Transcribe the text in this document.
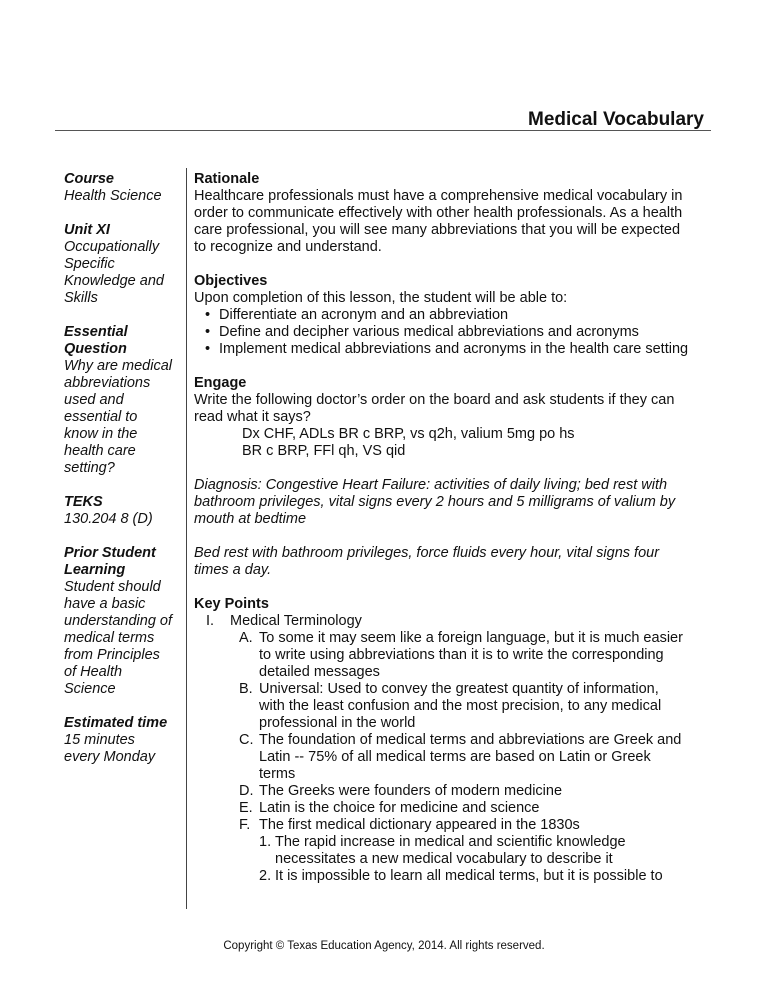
Medical Vocabulary
Course
Health Science
Unit XI
Occupationally
Specific
Knowledge and
Skills
Essential
Question
Why are medical
abbreviations
used and
essential to
know in the
health care
setting?
TEKS
130.204 8 (D)
Prior Student
Learning
Student should
have a basic
understanding of
medical terms
from Principles
of Health
Science
Estimated time
15 minutes
every Monday
Rationale
Healthcare professionals must have a comprehensive medical vocabulary in
order to communicate effectively with other health professionals. As a health
care professional, you will see many abbreviations that you will be expected
to recognize and understand.
Objectives
Upon completion of this lesson, the student will be able to:
• Differentiate an acronym and an abbreviation
• Define and decipher various medical abbreviations and acronyms
• Implement medical abbreviations and acronyms in the health care setting
Engage
Write the following doctor’s order on the board and ask students if they can
read what it says?
Dx CHF, ADLs BR c BRP, vs q2h, valium 5mg po hs
BR c BRP, FFl qh, VS qid
Diagnosis: Congestive Heart Failure: activities of daily living; bed rest with
bathroom privileges, vital signs every 2 hours and 5 milligrams of valium by
mouth at bedtime
Bed rest with bathroom privileges, force fluids every hour, vital signs four
times a day.
Key Points
I. Medical Terminology
A. To some it may seem like a foreign language, but it is much easier
to write using abbreviations than it is to write the corresponding
detailed messages
B. Universal: Used to convey the greatest quantity of information,
with the least confusion and the most precision, to any medical
professional in the world
C. The foundation of medical terms and abbreviations are Greek and
Latin -- 75% of all medical terms are based on Latin or Greek
terms
D. The Greeks were founders of modern medicine
E. Latin is the choice for medicine and science
F. The first medical dictionary appeared in the 1830s
1. The rapid increase in medical and scientific knowledge
necessitates a new medical vocabulary to describe it
2. It is impossible to learn all medical terms, but it is possible to
Copyright © Texas Education Agency, 2014. All rights reserved.
